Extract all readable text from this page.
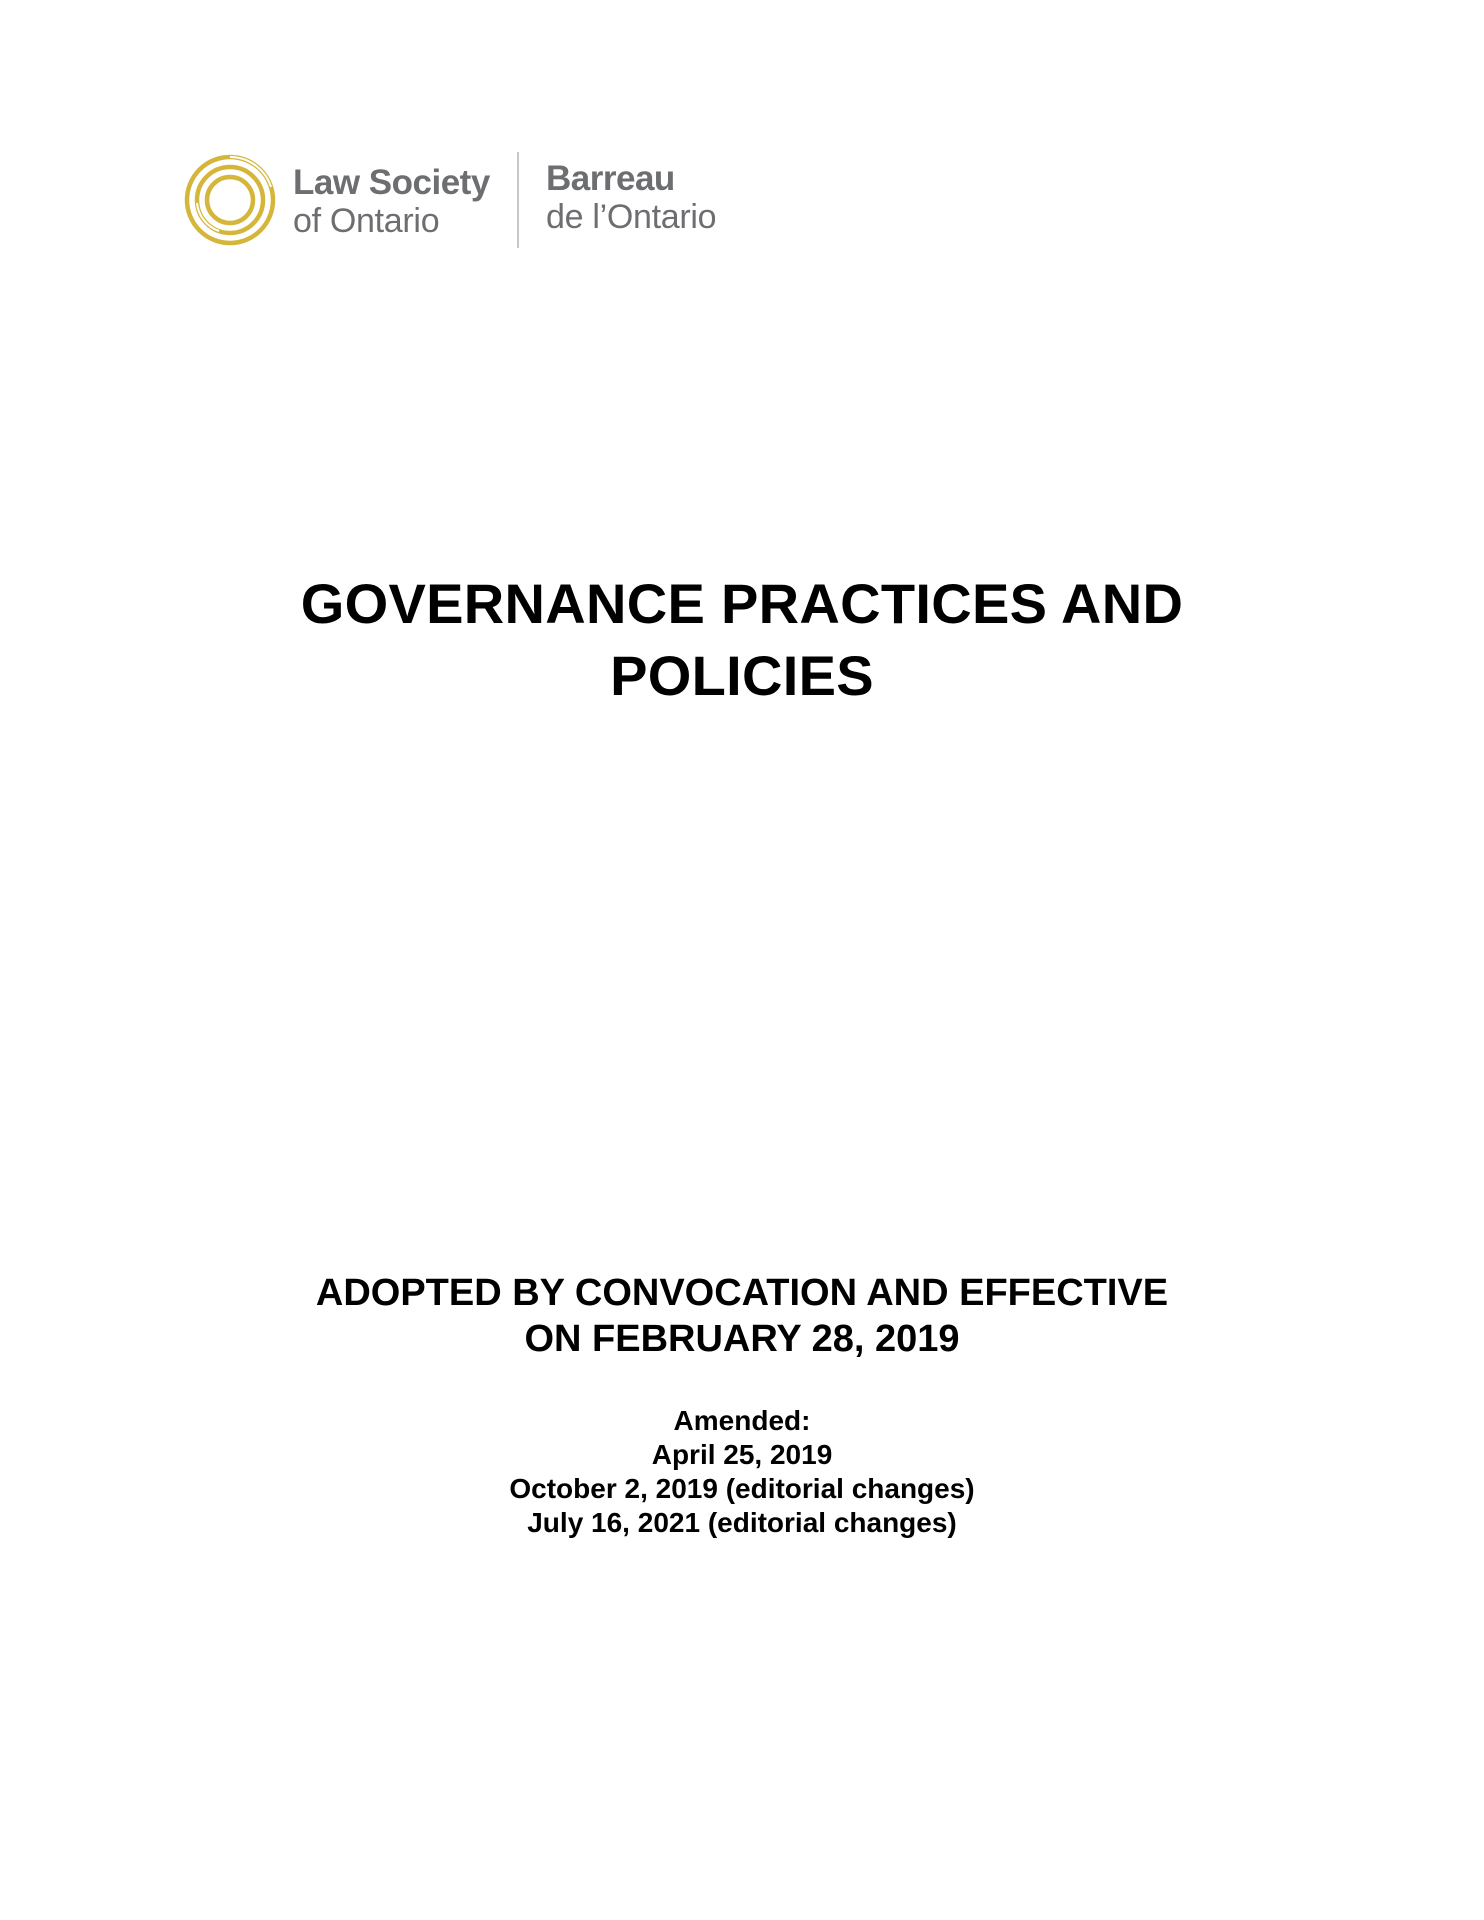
Law Society
of Ontario
Barreau
de l’Ontario
GOVERNANCE PRACTICES AND
POLICIES
ADOPTED BY CONVOCATION AND EFFECTIVE
ON FEBRUARY 28, 2019
Amended:
April 25, 2019
October 2, 2019 (editorial changes)
July 16, 2021 (editorial changes)
